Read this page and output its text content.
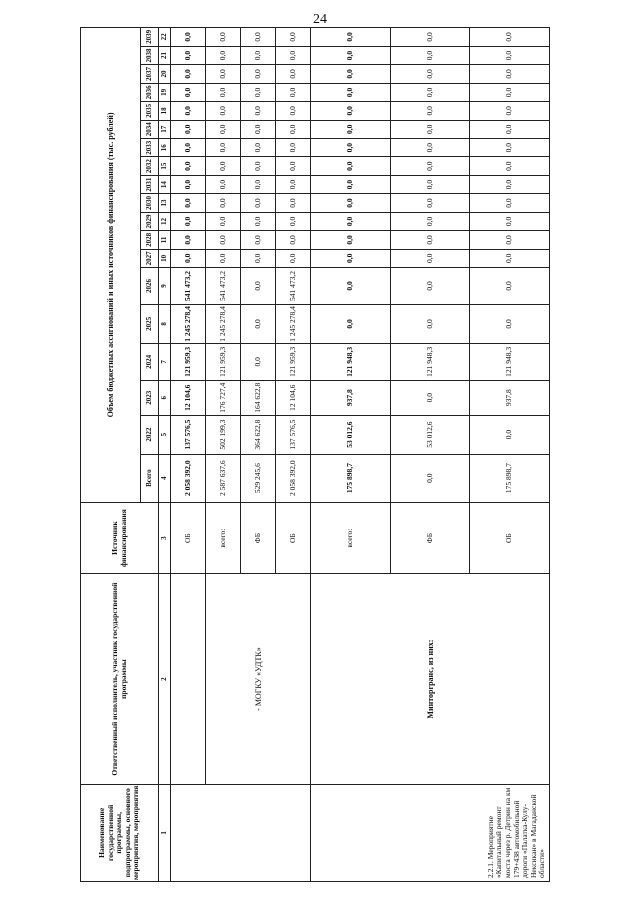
24
Наименование государственной программы, подпрограммы, основного мероприятия, мероприятия	Ответственный исполнитель, участник государственной программы	Источник финансирования	Объем бюджетных ассигнований и иных источников финансирования (тыс. рублей)																		
			Всего	2022	2023	2024	2025	2026	2027	2028	2029	2030	2031	2032	2033	2034	2035	2036	2037	2038	2039
1	2	3	4	5	6	7	8	9	10	11	12	13	14	15	16	17	18	19	20	21	22
		ОБ	2 058 392,0	137 576,5	12 104,6	121 959,3	1 245 278,4	541 473,2	0,0	0,0	0,0	0,0	0,0	0,0	0,0	0,0	0,0	0,0	0,0	0,0	0,0
	- МОГКУ «УДТК»	всего:	2 587 637,6	502 199,3	176 727,4	121 959,3	1 245 278,4	541 473,2	0,0	0,0	0,0	0,0	0,0	0,0	0,0	0,0	0,0	0,0	0,0	0,0	0,0
		ФБ	529 245,6	364 622,8	164 622,8	0,0	0,0	0,0	0,0	0,0	0,0	0,0	0,0	0,0	0,0	0,0	0,0	0,0	0,0	0,0	0,0
		ОБ	2 058 392,0	137 576,5	12 104,6	121 959,3	1 245 278,4	541 473,2	0,0	0,0	0,0	0,0	0,0	0,0	0,0	0,0	0,0	0,0	0,0	0,0	0,0
2.2.1. Мероприятие «Капитальный ремонт моста через р. Детрин на км 179+438 автомобильной дороги «Палатка-Кулу-Нексикан» в Магаданской области»	Минторгранс, из них:	всего:	175 898,7	53 012,6	937,8	121 948,3	0,0	0,0	0,0	0,0	0,0	0,0	0,0	0,0	0,0	0,0	0,0	0,0	0,0	0,0	0,0
		ФБ	0,0	53 012,6	0,0	121 948,3	0,0	0,0	0,0	0,0	0,0	0,0	0,0	0,0	0,0	0,0	0,0	0,0	0,0	0,0	0,0
		ОБ	175 898,7	0,0	937,8	121 948,3	0,0	0,0	0,0	0,0	0,0	0,0	0,0	0,0	0,0	0,0	0,0	0,0	0,0	0,0	0,0
